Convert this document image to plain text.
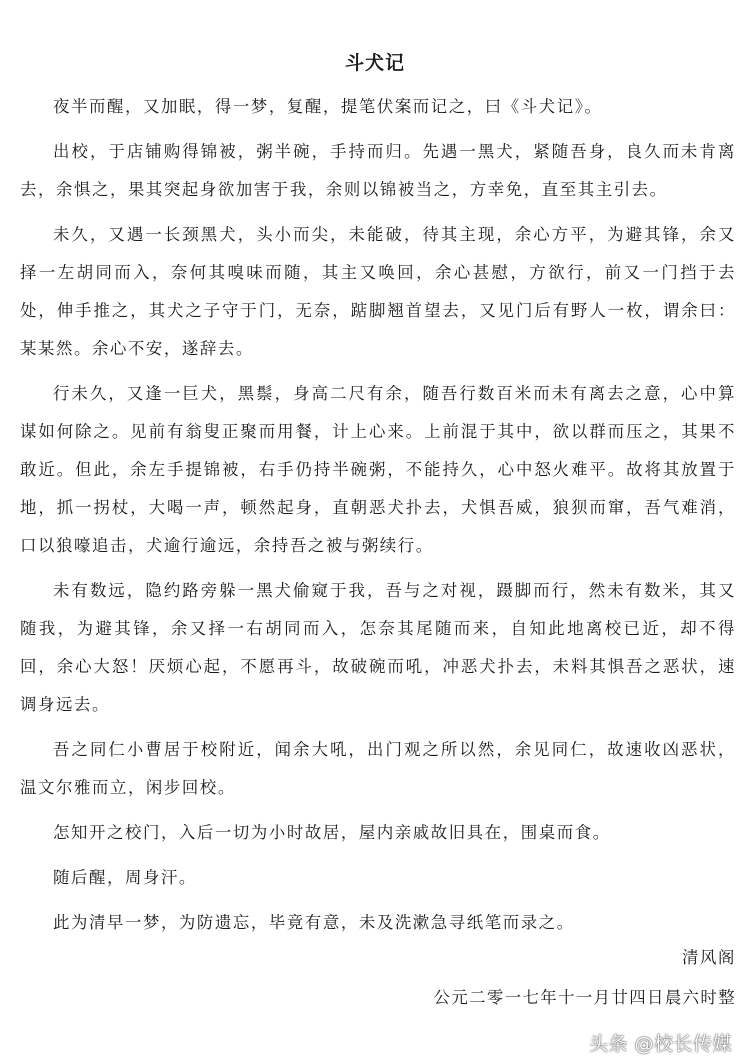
斗犬记

夜半而醒，又加眠，得一梦，复醒，提笔伏案而记之，曰《斗犬记》。

出校，于店铺购得锦被，粥半碗，手持而归。先遇一黑犬，紧随吾身，良久而未肯离去，余惧之，果其突起身欲加害于我，余则以锦被当之，方幸免，直至其主引去。

未久，又遇一长颈黑犬，头小而尖，未能破，待其主现，余心方平，为避其锋，余又择一左胡同而入，奈何其嗅味而随，其主又唤回，余心甚慰，方欲行，前又一门挡于去处，伸手推之，其犬之子守于门，无奈，踮脚翘首望去，又见门后有野人一枚，谓余曰：某某然。余心不安，遂辞去。

行未久，又逢一巨犬，黑鬃，身高二尺有余，随吾行数百米而未有离去之意，心中算谋如何除之。见前有翁叟正聚而用餐，计上心来。上前混于其中，欲以群而压之，其果不敢近。但此，余左手提锦被，右手仍持半碗粥，不能持久，心中怒火难平。故将其放置于地，抓一拐杖，大喝一声，顿然起身，直朝恶犬扑去，犬惧吾威，狼狈而窜，吾气难消，口以狼嚎追击，犬逾行逾远，余持吾之被与粥续行。

未有数远，隐约路旁躲一黑犬偷窥于我，吾与之对视，蹑脚而行，然未有数米，其又随我，为避其锋，余又择一右胡同而入，怎奈其尾随而来，自知此地离校已近，却不得回，余心大怒！厌烦心起，不愿再斗，故破碗而吼，冲恶犬扑去，未料其惧吾之恶状，速调身远去。

吾之同仁小曹居于校附近，闻余大吼，出门观之所以然，余见同仁，故速收凶恶状，温文尔雅而立，闲步回校。

怎知开之校门，入后一切为小时故居，屋内亲戚故旧具在，围桌而食。

随后醒，周身汗。

此为清早一梦，为防遗忘，毕竟有意，未及洗漱急寻纸笔而录之。

清风阁
公元二零一七年十一月廿四日晨六时整
头条 @校长传媒
